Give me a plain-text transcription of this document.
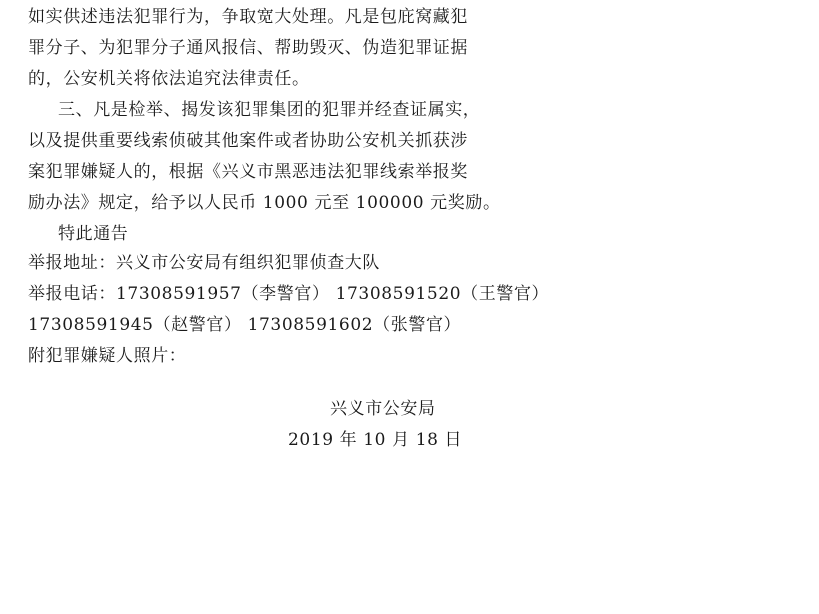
如实供述违法犯罪行为，争取宽大处理。凡是包庇窝藏犯
罪分子、为犯罪分子通风报信、帮助毁灭、伪造犯罪证据
的，公安机关将依法追究法律责任。
三、凡是检举、揭发该犯罪集团的犯罪并经查证属实，
以及提供重要线索侦破其他案件或者协助公安机关抓获涉
案犯罪嫌疑人的，根据《兴义市黑恶违法犯罪线索举报奖
励办法》规定，给予以人民币 1000 元至 100000 元奖励。
特此通告
举报地址：兴义市公安局有组织犯罪侦查大队
举报电话：17308591957（李警官） 17308591520（王警官）
17308591945（赵警官） 17308591602（张警官）
附犯罪嫌疑人照片：
兴义市公安局
2019 年 10 月 18 日
